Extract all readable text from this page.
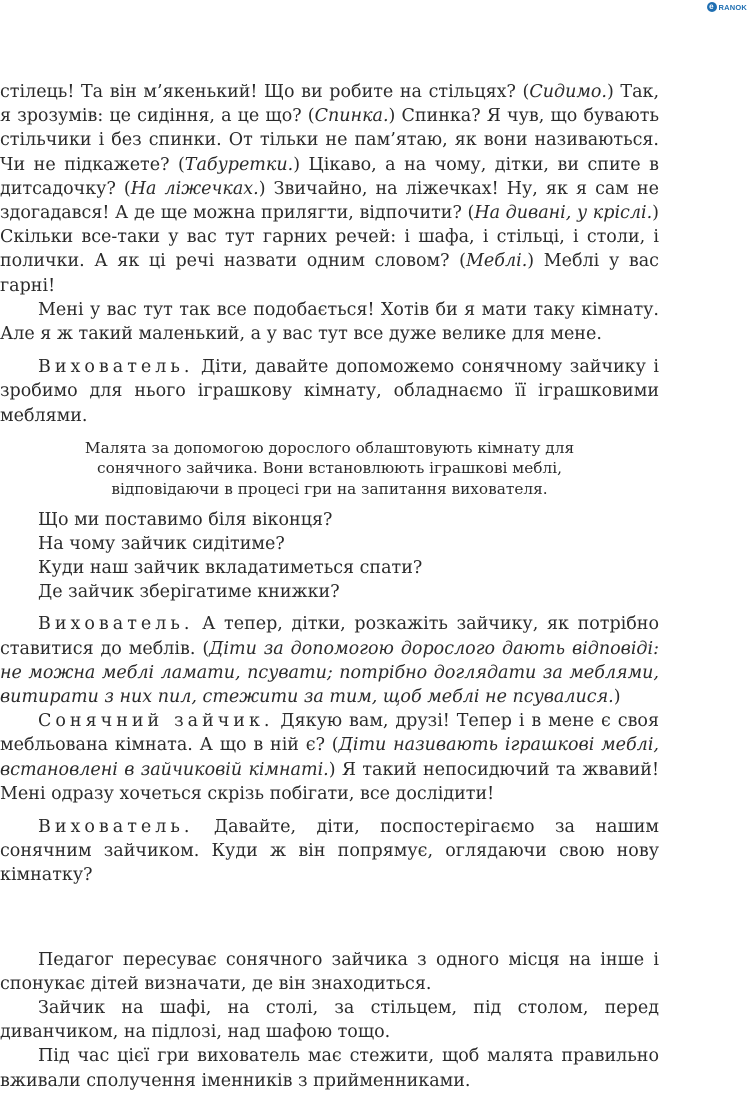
e RANOK

стілець! Та він м’якенький! Що ви робите на стільцях? (Сидимо.) Так, я зрозумів: це сидіння, а це що? (Спинка.) Спинка? Я чув, що бувають стільчики і без спинки. От тільки не пам’ятаю, як вони називаються. Чи не підкажете? (Табуретки.) Цікаво, а на чому, дітки, ви спите в дитсадочку? (На ліжечках.) Звичайно, на ліжечках! Ну, як я сам не здогадався! А де ще можна прилягти, відпочити? (На дивані, у кріслі.) Скільки все-таки у вас тут гарних речей: і шафа, і стільці, і столи, і полички. А як ці речі назвати одним словом? (Меблі.) Меблі у вас гарні!

Мені у вас тут так все подобається! Хотів би я мати таку кімнату. Але я ж такий маленький, а у вас тут все дуже велике для мене.

Вихователь. Діти, давайте допоможемо сонячному зайчику і зробимо для нього іграшкову кімнату, обладнаємо її іграшковими меблями.

Малята за допомогою дорослого облаштовують кімнату для сонячного зайчика. Вони встановлюють іграшкові меблі, відповідаючи в процесі гри на запитання вихователя.

Що ми поставимо біля віконця?
На чому зайчик сидітиме?
Куди наш зайчик вкладатиметься спати?
Де зайчик зберігатиме книжки?

Вихователь. А тепер, дітки, розкажіть зайчику, як потрібно ставитися до меблів. (Діти за допомогою дорослого дають відповіді: не можна меблі ламати, псувати; потрібно доглядати за меблями, витирати з них пил, стежити за тим, щоб меблі не псувалися.)

Сонячний зайчик. Дякую вам, друзі! Тепер і в мене є своя мебльована кімната. А що в ній є? (Діти називають іграшкові меблі, встановлені в зайчиковій кімнаті.) Я такий непосидючий та жвавий! Мені одразу хочеться скрізь побігати, все дослідити!

Вихователь. Давайте, діти, поспостерігаємо за нашим сонячним зайчиком. Куди ж він попрямує, оглядаючи свою нову кімнатку?

Педагог пересуває сонячного зайчика з одного місця на інше і спонукає дітей визначати, де він знаходиться.

Зайчик на шафі, на столі, за стільцем, під столом, перед диванчиком, на підлозі, над шафою тощо.

Під час цієї гри вихователь має стежити, щоб малята правильно вживали сполучення іменників з прийменниками.
